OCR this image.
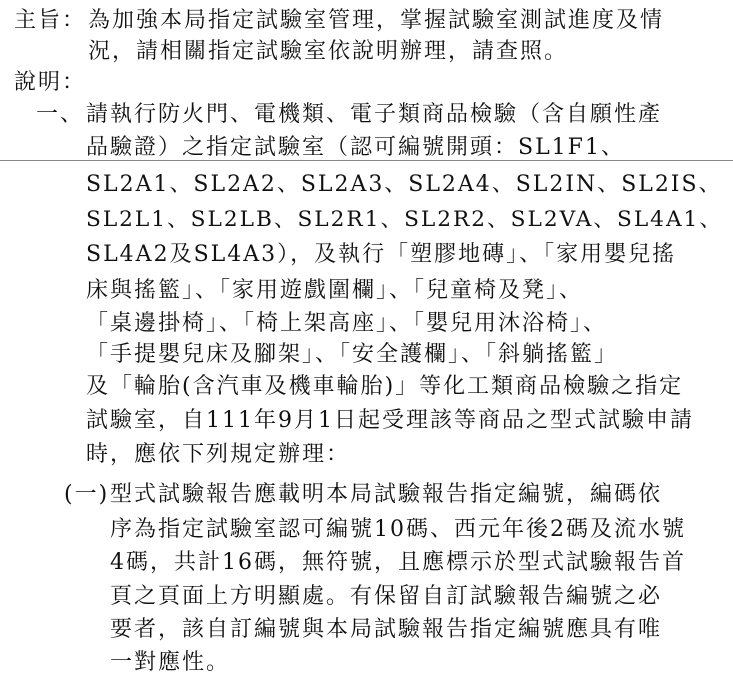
主旨： 為加強本局指定試驗室管理，掌握試驗室測試進度及情
況，請相關指定試驗室依說明辦理，請查照。
說明：
一、 請執行防火門、電機類、電子類商品檢驗（含自願性產
品驗證）之指定試驗室（認可編號開頭：SL1F1、
SL2A1、SL2A2、SL2A3、SL2A4、SL2IN、SL2IS、
SL2L1、SL2LB、SL2R1、SL2R2、SL2VA、SL4A1、
SL4A2及SL4A3），及執行「塑膠地磚」、「家用嬰兒搖
床與搖籃」、「家用遊戲圍欄」、「兒童椅及凳」、
「桌邊掛椅」、「椅上架高座」、「嬰兒用沐浴椅」、
「手提嬰兒床及腳架」、「安全護欄」、「斜躺搖籃」
及「輪胎(含汽車及機車輪胎)」等化工類商品檢驗之指定
試驗室，自111年9月1日起受理該等商品之型式試驗申請
時，應依下列規定辦理：
(一) 型式試驗報告應載明本局試驗報告指定編號，編碼依
序為指定試驗室認可編號10碼、西元年後2碼及流水號
4碼，共計16碼，無符號，且應標示於型式試驗報告首
頁之頁面上方明顯處。有保留自訂試驗報告編號之必
要者，該自訂編號與本局試驗報告指定編號應具有唯
一對應性。
